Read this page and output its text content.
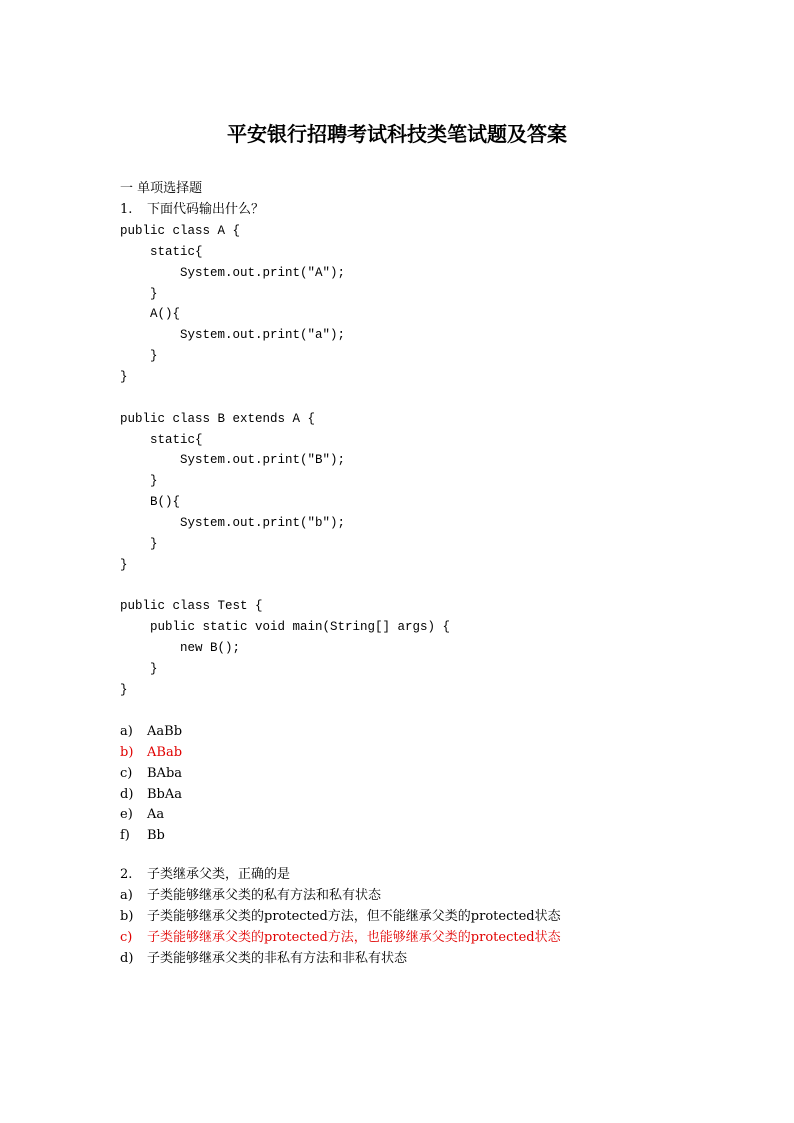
平安银行招聘考试科技类笔试题及答案

一 单项选择题

1. 下面代码输出什么？

public class A {

static{

System.out.print("A");

}

A(){

System.out.print("a");

}

}

public class B extends A {

static{

System.out.print("B");

}

B(){

System.out.print("b");

}

}

public class Test {

public static void main(String[] args) {

new B();

}

}

a) AaBb

b) ABab

c) BAba

d) BbAa

e) Aa

f) Bb

2. 子类继承父类，正确的是

a) 子类能够继承父类的私有方法和私有状态

b) 子类能够继承父类的protected方法，但不能继承父类的protected状态

c) 子类能够继承父类的protected方法，也能够继承父类的protected状态

d) 子类能够继承父类的非私有方法和非私有状态
